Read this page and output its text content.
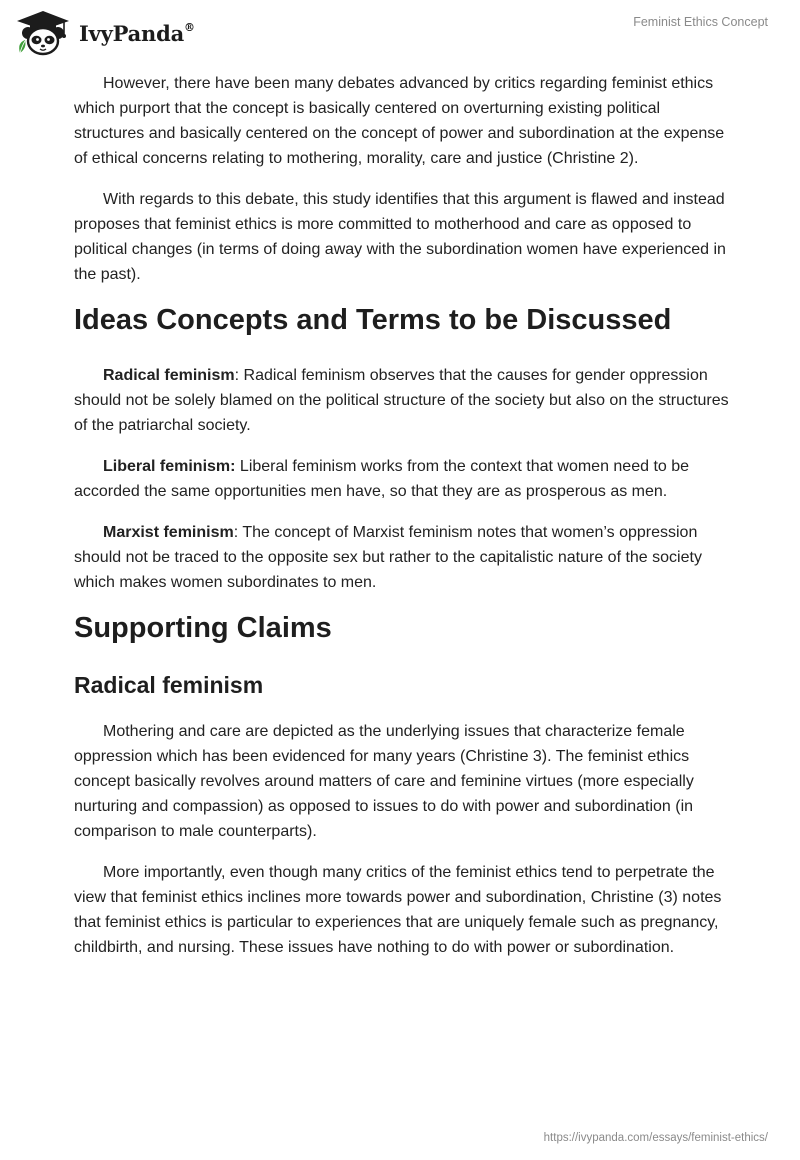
IvyPanda®	Feminist Ethics Concept

However, there have been many debates advanced by critics regarding feminist ethics which purport that the concept is basically centered on overturning existing political structures and basically centered on the concept of power and subordination at the expense of ethical concerns relating to mothering, morality, care and justice (Christine 2).

With regards to this debate, this study identifies that this argument is flawed and instead proposes that feminist ethics is more committed to motherhood and care as opposed to political changes (in terms of doing away with the subordination women have experienced in the past).

Ideas Concepts and Terms to be Discussed

Radical feminism: Radical feminism observes that the causes for gender oppression should not be solely blamed on the political structure of the society but also on the structures of the patriarchal society.

Liberal feminism: Liberal feminism works from the context that women need to be accorded the same opportunities men have, so that they are as prosperous as men.

Marxist feminism: The concept of Marxist feminism notes that women’s oppression should not be traced to the opposite sex but rather to the capitalistic nature of the society which makes women subordinates to men.

Supporting Claims
Radical feminism

Mothering and care are depicted as the underlying issues that characterize female oppression which has been evidenced for many years (Christine 3). The feminist ethics concept basically revolves around matters of care and feminine virtues (more especially nurturing and compassion) as opposed to issues to do with power and subordination (in comparison to male counterparts).

More importantly, even though many critics of the feminist ethics tend to perpetrate the view that feminist ethics inclines more towards power and subordination, Christine (3) notes that feminist ethics is particular to experiences that are uniquely female such as pregnancy, childbirth, and nursing. These issues have nothing to do with power or subordination.

https://ivypanda.com/essays/feminist-ethics/
